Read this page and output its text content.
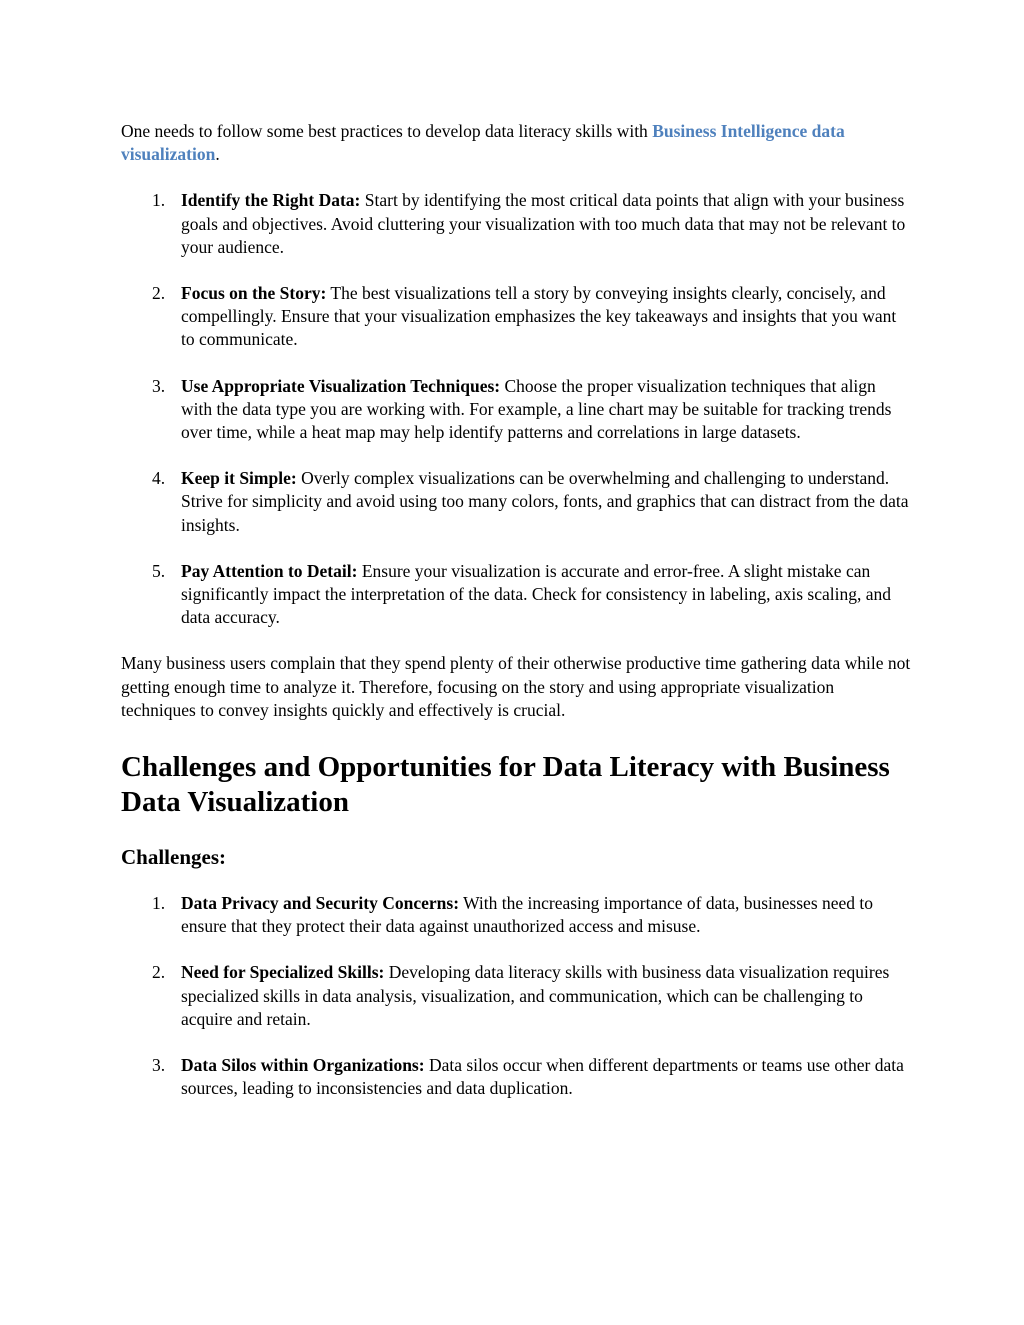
One needs to follow some best practices to develop data literacy skills with Business Intelligence data visualization.

1. Identify the Right Data: Start by identifying the most critical data points that align with your business goals and objectives. Avoid cluttering your visualization with too much data that may not be relevant to your audience.
2. Focus on the Story: The best visualizations tell a story by conveying insights clearly, concisely, and compellingly. Ensure that your visualization emphasizes the key takeaways and insights that you want to communicate.
3. Use Appropriate Visualization Techniques: Choose the proper visualization techniques that align with the data type you are working with. For example, a line chart may be suitable for tracking trends over time, while a heat map may help identify patterns and correlations in large datasets.
4. Keep it Simple: Overly complex visualizations can be overwhelming and challenging to understand. Strive for simplicity and avoid using too many colors, fonts, and graphics that can distract from the data insights.
5. Pay Attention to Detail: Ensure your visualization is accurate and error-free. A slight mistake can significantly impact the interpretation of the data. Check for consistency in labeling, axis scaling, and data accuracy.

Many business users complain that they spend plenty of their otherwise productive time gathering data while not getting enough time to analyze it. Therefore, focusing on the story and using appropriate visualization techniques to convey insights quickly and effectively is crucial.

Challenges and Opportunities for Data Literacy with Business Data Visualization
Challenges:
1. Data Privacy and Security Concerns: With the increasing importance of data, businesses need to ensure that they protect their data against unauthorized access and misuse.
2. Need for Specialized Skills: Developing data literacy skills with business data visualization requires specialized skills in data analysis, visualization, and communication, which can be challenging to acquire and retain.
3. Data Silos within Organizations: Data silos occur when different departments or teams use other data sources, leading to inconsistencies and data duplication.
